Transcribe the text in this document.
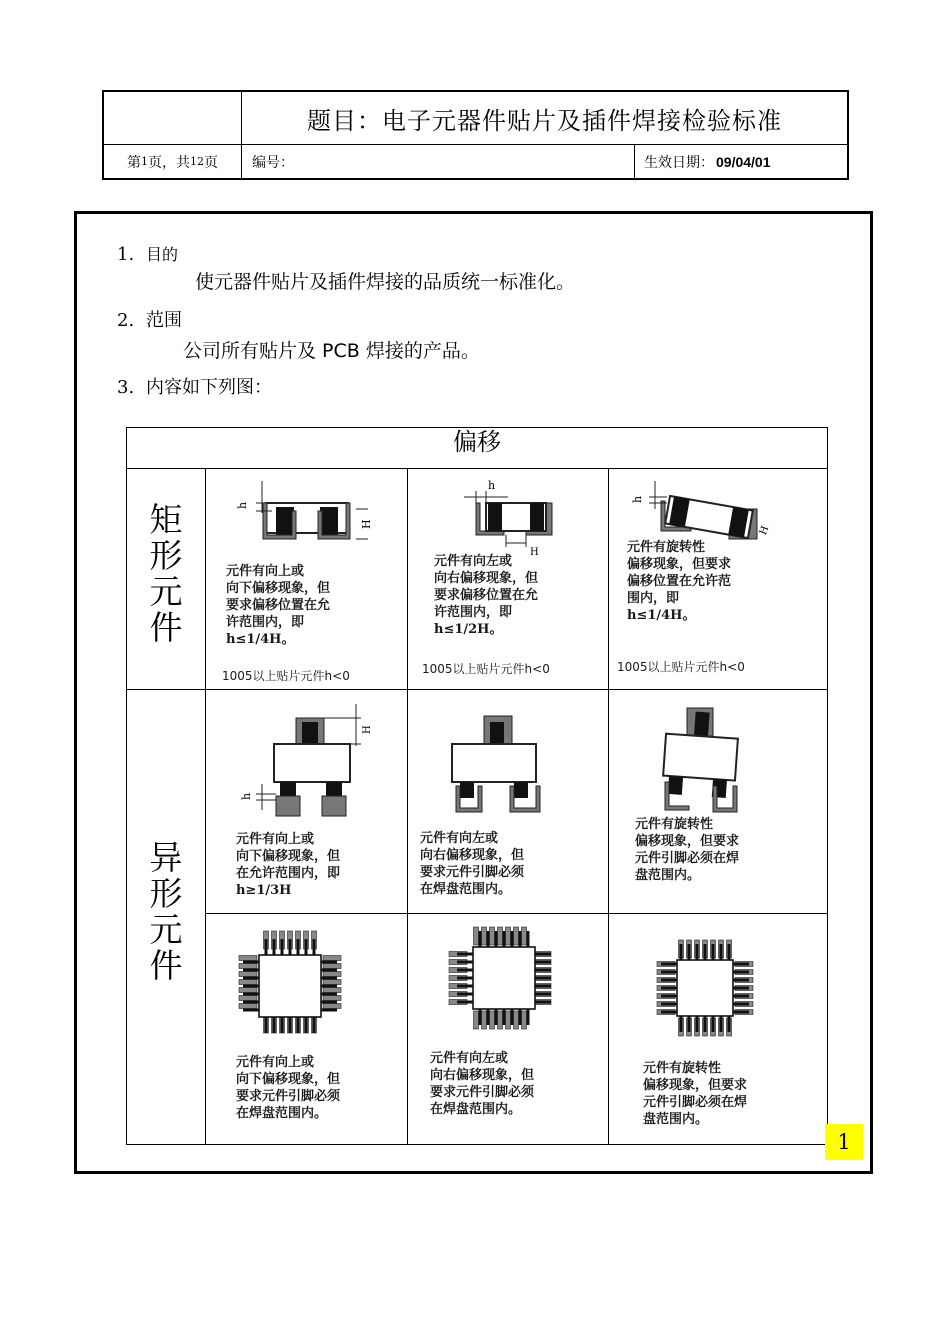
题目：电子元器件贴片及插件焊接检验标准
第 1 页，共 12 页	编号：	生效日期： 09/04/01
1. 目的
使元器件贴片及插件焊接的品质统一标准化。
2. 范围
公司所有贴片及 PCB 焊接的产品。
3. 内容如下列图：
偏移
矩
形
元
件
异
形
元
件
h
H
元件有向上或
向下偏移现象，但
要求偏移位置在允
许范围内，即
h≤1/4H。
1005以上贴片元件h<0
h
H
元件有向左或
向右偏移现象，但
要求偏移位置在允
许范围内，即
h≤1/2H。
1005以上贴片元件h<0
h
H
元件有旋转性
偏移现象，但要求
偏移位置在允许范
围内，即
h≤1/4H。
1005以上贴片元件h<0
h
H
元件有向上或
向下偏移现象，但
在允许范围内，即
h≥1/3H
元件有向左或
向右偏移现象，但
要求元件引脚必须
在焊盘范围内。
元件有旋转性
偏移现象，但要求
元件引脚必须在焊
盘范围内。
元件有向上或
向下偏移现象，但
要求元件引脚必须
在焊盘范围内。
元件有向左或
向右偏移现象，但
要求元件引脚必须
在焊盘范围内。
元件有旋转性
偏移现象，但要求
元件引脚必须在焊
盘范围内。
1
